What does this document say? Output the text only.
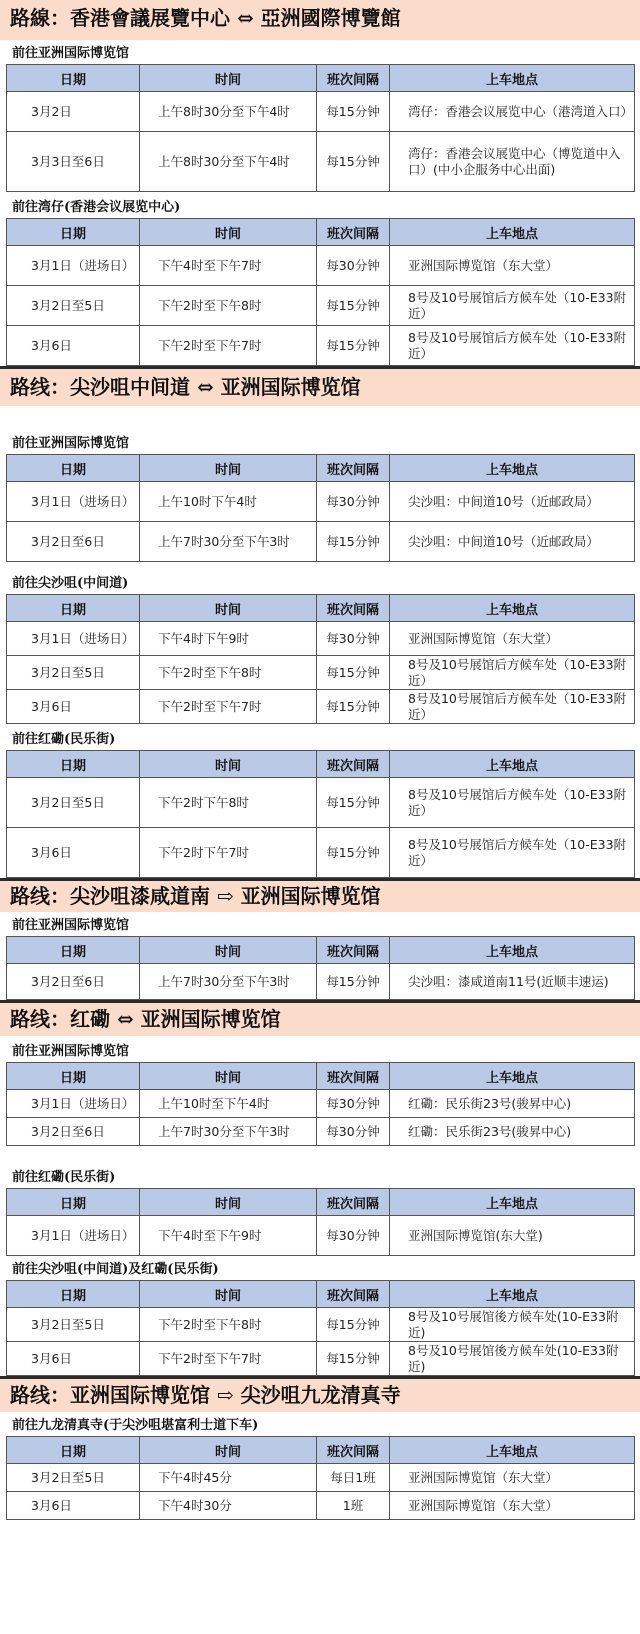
路線：香港會議展覽中心 ⇔ 亞洲國際博覽館
前往亚洲国际博览馆
日期	时间	班次间隔	上车地点
3月2日	上午8时30分至下午4时	每15分钟	湾仔：香港会议展览中心（港湾道入口）
3月3日至6日	上午8时30分至下午4时	每15分钟	湾仔：香港会议展览中心（博览道中入口）(中小企服务中心出面)
前往湾仔(香港会议展览中心)
日期	时间	班次间隔	上车地点
3月1日（进场日）	下午4时至下午7时	每30分钟	亚洲国际博览馆（东大堂）
3月2日至5日	下午2时至下午8时	每15分钟	8号及10号展馆后方候车处（10-E33附近）
3月6日	下午2时至下午7时	每15分钟	8号及10号展馆后方候车处（10-E33附近）
路线：尖沙咀中间道 ⇔ 亚洲国际博览馆
前往亚洲国际博览馆
日期	时间	班次间隔	上车地点
3月1日（进场日）	上午10时下午4时	每30分钟	尖沙咀：中间道10号（近邮政局）
3月2日至6日	上午7时30分至下午3时	每15分钟	尖沙咀：中间道10号（近邮政局）
前往尖沙咀(中间道)
日期	时间	班次间隔	上车地点
3月1日（进场日）	下午4时下午9时	每30分钟	亚洲国际博览馆（东大堂）
3月2日至5日	下午2时至下午8时	每15分钟	8号及10号展馆后方候车处（10-E33附近）
3月6日	下午2时至下午7时	每15分钟	8号及10号展馆后方候车处（10-E33附近）
前往红磡(民乐街)
日期	时间	班次间隔	上车地点
3月2日至5日	下午2时下午8时	每15分钟	8号及10号展馆后方候车处（10-E33附近）
3月6日	下午2时下午7时	每15分钟	8号及10号展馆后方候车处（10-E33附近）
路线：尖沙咀漆咸道南 ⇨ 亚洲国际博览馆
前往亚洲国际博览馆
日期	时间	班次间隔	上车地点
3月2日至6日	上午7时30分至下午3时	每15分钟	尖沙咀：漆咸道南11号(近顺丰速运)
路线：红磡 ⇔ 亚洲国际博览馆
前往亚洲国际博览馆
日期	时间	班次间隔	上车地点
3月1日（进场日）	上午10时至下午4时	每30分钟	红磡：民乐街23号(骏昇中心)
3月2日至6日	上午7时30分至下午3时	每30分钟	红磡：民乐街23号(骏昇中心)
前往红磡(民乐街)
日期	时间	班次间隔	上车地点
3月1日（进场日）	下午4时至下午9时	每30分钟	亚洲国际博览馆(东大堂)
前往尖沙咀(中间道)及红磡(民乐街)
日期	时间	班次间隔	上车地点
3月2日至5日	下午2时至下午8时	每15分钟	8号及10号展馆後方候车处(10-E33附近)
3月6日	下午2时至下午7时	每15分钟	8号及10号展馆後方候车处(10-E33附近)
路线：亚洲国际博览馆 ⇨ 尖沙咀九龙清真寺
前往九龙清真寺(于尖沙咀堪富利士道下车)
日期	时间	班次间隔	上车地点
3月2日至5日	下午4时45分	每日1班	亚洲国际博览馆（东大堂）
3月6日	下午4时30分	1班	亚洲国际博览馆（东大堂）
